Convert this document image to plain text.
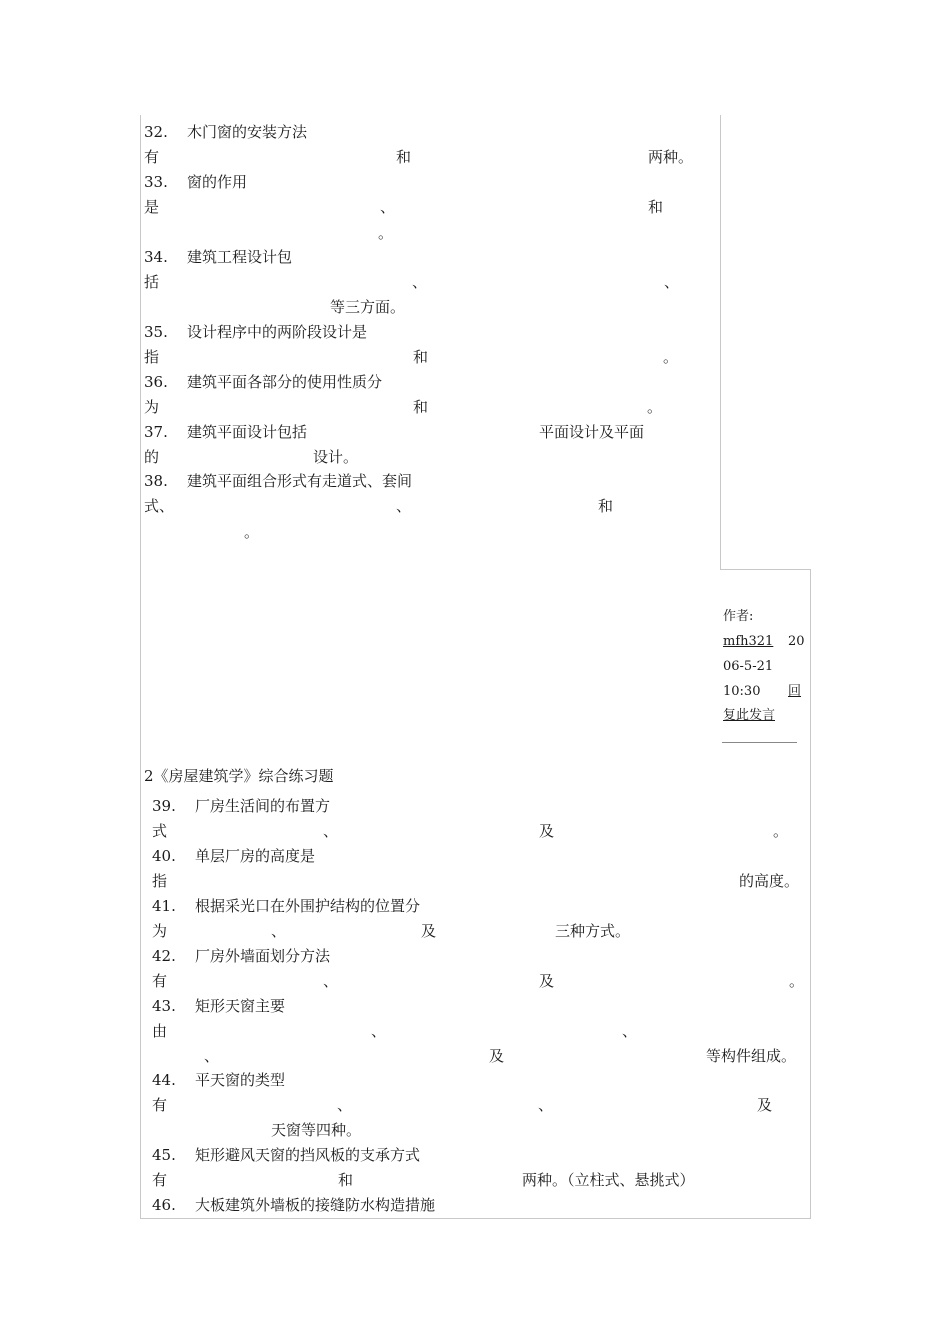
32. 木门窗的安装方法
有	和	两种。
33. 窗的作用
是	、	和
。
34. 建筑工程设计包
括	、	、
等三方面。
35. 设计程序中的两阶段设计是
指	和	。
36. 建筑平面各部分的使用性质分
为	和	。
37. 建筑平面设计包括	平面设计及平面
的	设计。
38. 建筑平面组合形式有走道式、套间
式、	、	和
。
作者:
mfh321 20
06-5-21
10:30 回
复此发言
2《房屋建筑学》综合练习题
39. 厂房生活间的布置方
式	、	及	。
40. 单层厂房的高度是
指	的高度。
41. 根据采光口在外围护结构的位置分
为	、	及	三种方式。
42. 厂房外墙面划分方法
有	、	及	。
43. 矩形天窗主要
由	、	、
、	及	等构件组成。
44. 平天窗的类型
有	、	、	及
天窗等四种。
45. 矩形避风天窗的挡风板的支承方式
有	和	两种。（立柱式、悬挑式）
46. 大板建筑外墙板的接缝防水构造措施
